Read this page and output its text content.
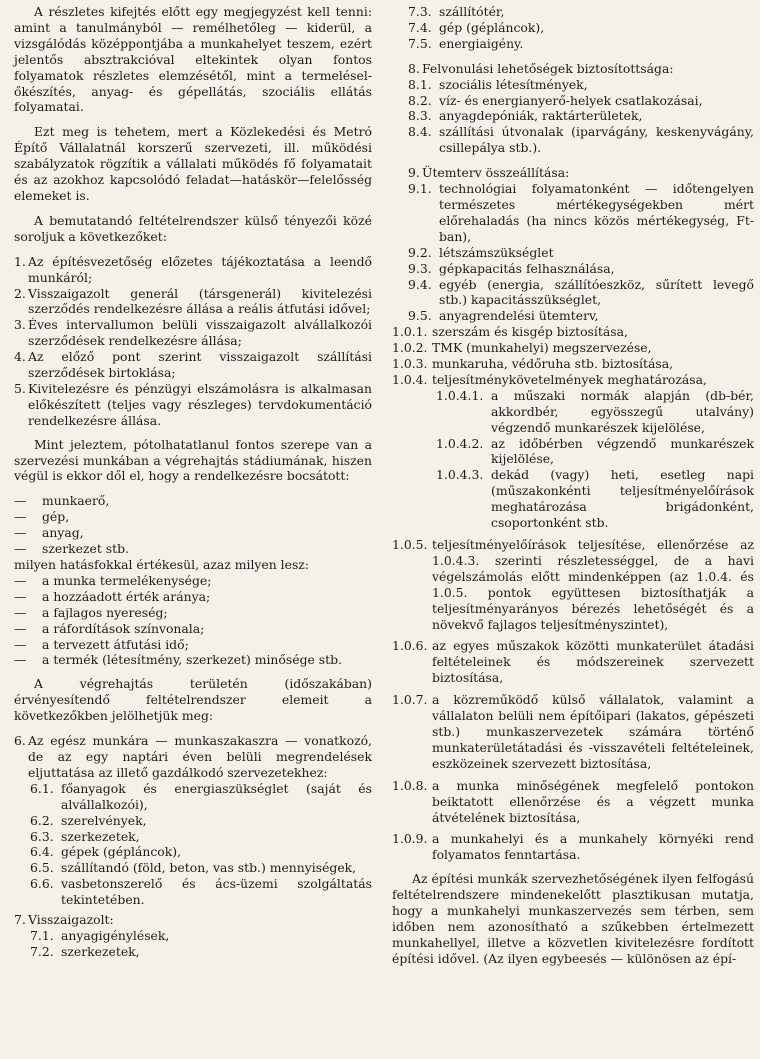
A részletes kifejtés előtt egy megjegyzést kell tenni: amint a tanulmányból — remélhetőleg — kiderül, a vizsgálódás középpontjába a munkahelyet teszem, ezért jelentős absztrakcióval eltekintek olyan fontos folyamatok részletes elemzésétől, mint a termeléselőkészítés, anyag- és gépellátás, szociális ellátás folyamatai.

Ezt meg is tehetem, mert a Közlekedési és Metró Építő Vállalatnál korszerű szervezeti, ill. működési szabályzatok rögzítik a vállalati működés fő folyamatait és az azokhoz kapcsolódó feladat—hatáskör—felelősség elemeket is.

A bemutatandó feltételrendszer külső tényezői közé soroljuk a következőket:

1. Az építésvezetőség előzetes tájékoztatása a leendő munkáról;
2. Visszaigazolt generál (társgenerál) kivitelezési szerződés rendelkezésre állása a reális átfutási idővel;
3. Éves intervallumon belüli visszaigazolt alvállalkozói szerződések rendelkezésre állása;
4. Az előző pont szerint visszaigazolt szállítási szerződések birtoklása;
5. Kivitelezésre és pénzügyi elszámolásra is alkalmasan előkészített (teljes vagy részleges) tervdokumentáció rendelkezésre állása.

Mint jeleztem, pótolhatatlanul fontos szerepe van a szervezési munkában a végrehajtás stádiumának, hiszen végül is ekkor dől el, hogy a rendelkezésre bocsátott:

—	munkaerő,
—	gép,
—	anyag,
—	szerkezet stb.
milyen hatásfokkal értékesül, azaz milyen lesz:
—	a munka termelékenysége;
—	a hozzáadott érték aránya;
—	a fajlagos nyereség;
—	a ráfordítások színvonala;
—	a tervezett átfutási idő;
—	a termék (létesítmény, szerkezet) minősége stb.

A végrehajtás területén (időszakában) érvényesítendő feltételrendszer elemeit a következőkben jelölhetjük meg:

6. Az egész munkára — munkaszakaszra — vonatkozó, de az egy naptári éven belüli megrendelések eljuttatása az illető gazdálkodó szervezetekhez:
6.1. főanyagok és energiaszükséglet (saját és alvállalkozói),
6.2. szerelvények,
6.3. szerkezetek,
6.4. gépek (gépláncok),
6.5. szállítandó (föld, beton, vas stb.) mennyiségek,
6.6. vasbetonszerelő és ács-üzemi szolgáltatás tekintetében.
7. Visszaigazolt:
7.1. anyagigénylések,
7.2. szerkezetek,
7.3. szállítótér,
7.4. gép (gépláncok),
7.5. energiaigény.
8. Felvonulási lehetőségek biztosítottsága:
8.1. szociális létesítmények,
8.2. víz- és energianyerő-helyek csatlakozásai,
8.3. anyagdepóniák, raktárterületek,
8.4. szállítási útvonalak (iparvágány, keskenyvágány, csillepálya stb.).
9. Ütemterv összeállítása:
9.1. technológiai folyamatonként — időtengelyen természetes mértékegységekben mért előrehaladás (ha nincs közös mértékegység, Ft-ban),
9.2. létszámszükséglet
9.3. gépkapacitás felhasználása,
9.4. egyéb (energia, szállítóeszköz, sűrített levegő stb.) kapacitásszükséglet,
9.5. anyagrendelési ütemterv,
1.0.1. szerszám és kisgép biztosítása,
1.0.2. TMK (munkahelyi) megszervezése,
1.0.3. munkaruha, védőruha stb. biztosítása,
1.0.4. teljesítménykövetelmények meghatározása,
1.0.4.1. a műszaki normák alapján (db-bér, akkordbér, egyösszegű utalvány) végzendő munkarészek kijelölése,
1.0.4.2. az időbérben végzendő munkarészek kijelölése,
1.0.4.3. dekád (vagy) heti, esetleg napi (műszakonkénti teljesítményelőírások meghatározása brigádonként, csoportonként stb.
1.0.5. teljesítményelőírások teljesítése, ellenőrzése az 1.0.4.3. szerinti részletességgel, de a havi végelszámolás előtt mindenképpen (az 1.0.4. és 1.0.5. pontok együttesen biztosíthatják a teljesítményarányos bérezés lehetőségét és a növekvő fajlagos teljesítményszintet),
1.0.6. az egyes műszakok közötti munkaterület átadási feltételeinek és módszereinek szervezett biztosítása,
1.0.7. a közreműködő külső vállalatok, valamint a vállalaton belüli nem építőipari (lakatos, gépészeti stb.) munkaszervezetek számára történő munkaterületátadási és -visszavételi feltételeinek, eszközeinek szervezett biztosítása,
1.0.8. a munka minőségének megfelelő pontokon beiktatott ellenőrzése és a végzett munka átvételének biztosítása,
1.0.9. a munkahelyi és a munkahely környéki rend folyamatos fenntartása.

Az építési munkák szervezhetőségének ilyen felfogású feltételrendszere mindenekelőtt plasztikusan mutatja, hogy a munkahelyi munkaszervezés sem térben, sem időben nem azonosítható a szűkebben értelmezett munkahellyel, illetve a közvetlen kivitelezésre fordított építési idővel. (Az ilyen egybeesés — különösen az épí-
